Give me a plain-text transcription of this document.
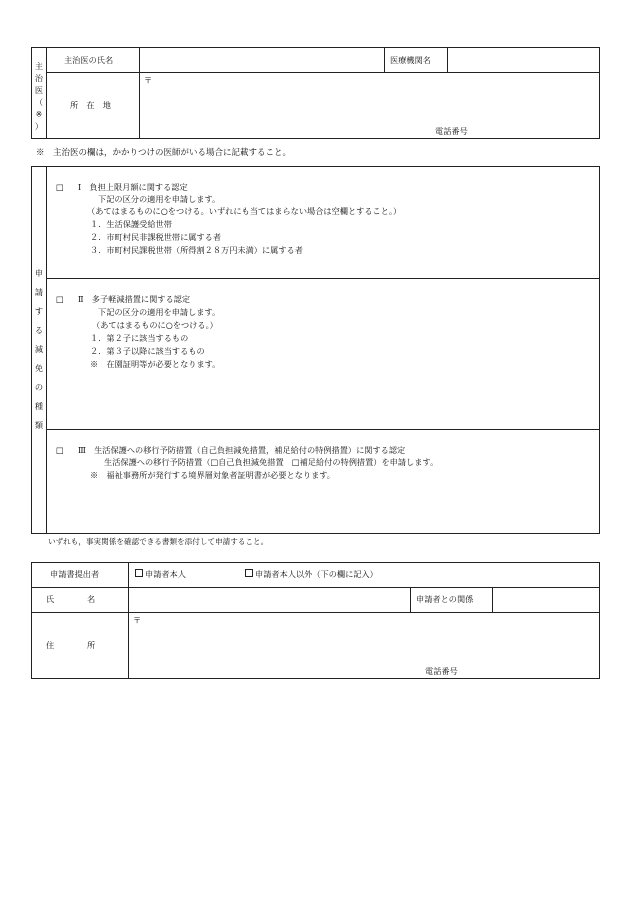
主
治
医
（
※
）
主治医の氏名	医療機関名
所　在　地
〒
電話番号
※　主治医の欄は，かかりつけの医師がいる場合に記載すること。
申
請
す
る
減
免
の
種
類
□ Ⅰ　負担上限月額に関する認定
下記の区分の適用を申請します。
（あてはまるものに○をつける。いずれにも当てはまらない場合は空欄とすること。）
１．生活保護受給世帯
２．市町村民非課税世帯に属する者
３．市町村民課税世帯（所得割２８万円未満）に属する者
□ Ⅱ　多子軽減措置に関する認定
下記の区分の適用を申請します。
（あてはまるものに○をつける。）
１．第２子に該当するもの
２．第３子以降に該当するもの
※　在園証明等が必要となります。
□ Ⅲ　生活保護への移行予防措置（自己負担減免措置，補足給付の特例措置）に関する認定
生活保護への移行予防措置（□自己負担減免措置　□補足給付の特例措置）を申請します。
※　福祉事務所が発行する境界層対象者証明書が必要となります。
いずれも，事実関係を確認できる書類を添付して申請すること。
申請書提出者	申請者本人	申請者本人以外（下の欄に記入）
氏　　　　名	申請者との関係
住　　　　所
〒
電話番号
